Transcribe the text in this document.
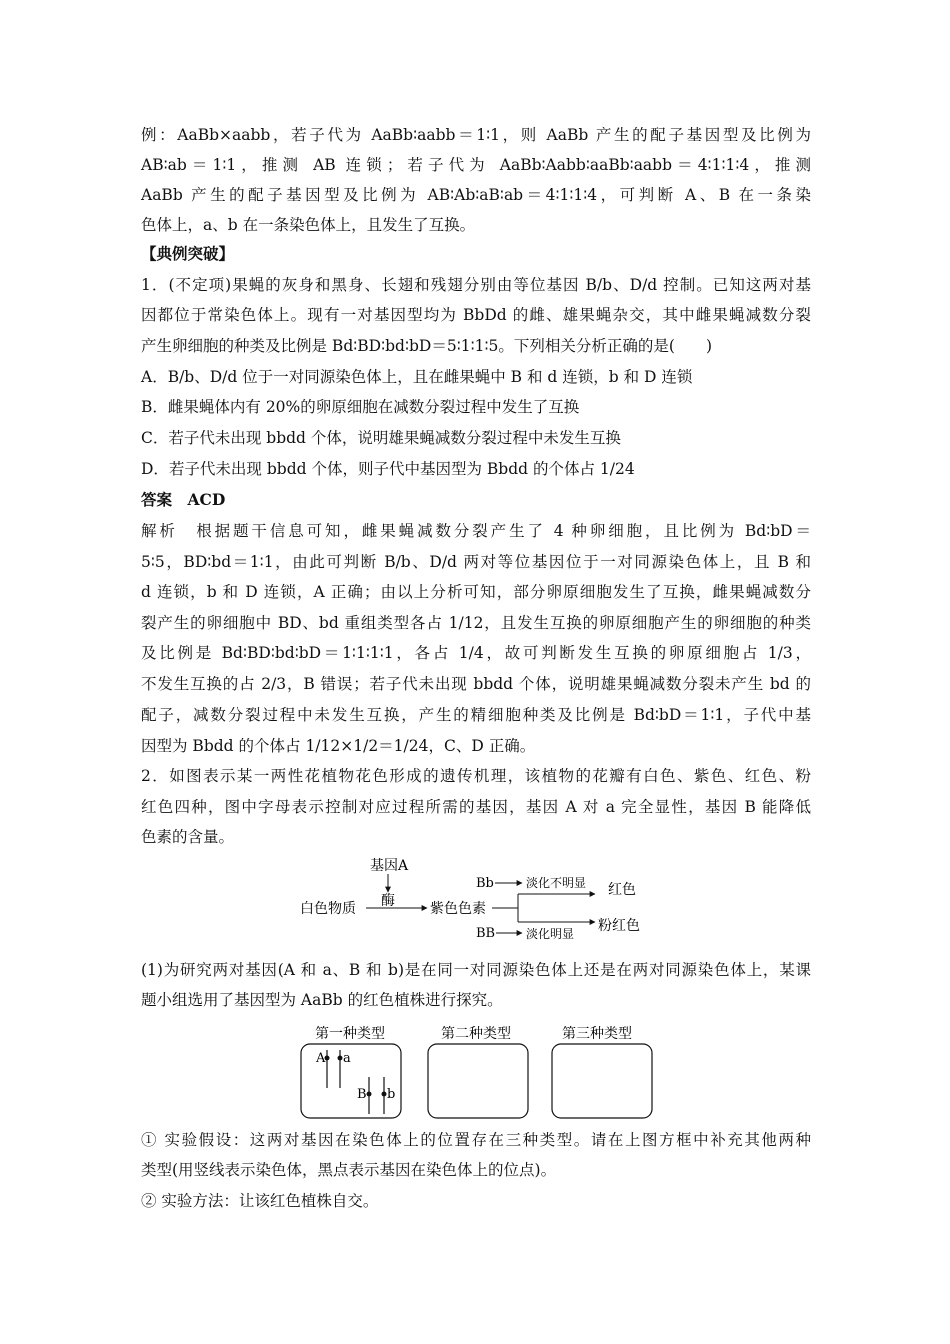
例：AaBb×aabb，若子代为 AaBb∶aabb＝1∶1，则 AaBb 产生的配子基因型及比例为
AB∶ab＝1∶1，推测 AB 连锁；若子代为 AaBb∶Aabb∶aaBb∶aabb＝4∶1∶1∶4，推测
AaBb 产生的配子基因型及比例为 AB∶Ab∶aB∶ab＝4∶1∶1∶4，可判断 A、B 在一条染
色体上，a、b 在一条染色体上，且发生了互换。
【典例突破】
1．(不定项)果蝇的灰身和黑身、长翅和残翅分别由等位基因 B/b、D/d 控制。已知这两对基
因都位于常染色体上。现有一对基因型均为 BbDd 的雌、雄果蝇杂交，其中雌果蝇减数分裂
产生卵细胞的种类及比例是 Bd∶BD∶bd∶bD＝5∶1∶1∶5。下列相关分析正确的是(　　)
A．B/b、D/d 位于一对同源染色体上，且在雌果蝇中 B 和 d 连锁，b 和 D 连锁
B．雌果蝇体内有 20%的卵原细胞在减数分裂过程中发生了互换
C．若子代未出现 bbdd 个体，说明雄果蝇减数分裂过程中未发生互换
D．若子代未出现 bbdd 个体，则子代中基因型为 Bbdd 的个体占 1/24
答案　ACD
解析　根据题干信息可知，雌果蝇减数分裂产生了 4 种卵细胞，且比例为 Bd∶bD＝
5∶5，BD∶bd＝1∶1，由此可判断 B/b、D/d 两对等位基因位于一对同源染色体上，且 B 和
d 连锁，b 和 D 连锁，A 正确；由以上分析可知，部分卵原细胞发生了互换，雌果蝇减数分
裂产生的卵细胞中 BD、bd 重组类型各占 1/12，且发生互换的卵原细胞产生的卵细胞的种类
及比例是 Bd∶BD∶bd∶bD＝1∶1∶1∶1，各占 1/4，故可判断发生互换的卵原细胞占 1/3，
不发生互换的占 2/3，B 错误；若子代未出现 bbdd 个体，说明雄果蝇减数分裂未产生 bd 的
配子，减数分裂过程中未发生互换，产生的精细胞种类及比例是 Bd∶bD＝1∶1，子代中基
因型为 Bbdd 的个体占 1/12×1/2＝1/24，C、D 正确。
2．如图表示某一两性花植物花色形成的遗传机理，该植物的花瓣有白色、紫色、红色、粉
红色四种，图中字母表示控制对应过程所需的基因，基因 A 对 a 完全显性，基因 B 能降低
色素的含量。
基因A
酶
白色物质	紫色色素
红色
粉红色
Bb	淡化不明显
BB	淡化明显
(1)为研究两对基因(A 和 a、B 和 b)是在同一对同源染色体上还是在两对同源染色体上，某课
题小组选用了基因型为 AaBb 的红色植株进行探究。
第一种类型	第二种类型	第三种类型
A a
B b
① 实验假设：这两对基因在染色体上的位置存在三种类型。请在上图方框中补充其他两种
类型(用竖线表示染色体，黑点表示基因在染色体上的位点)。
② 实验方法：让该红色植株自交。
